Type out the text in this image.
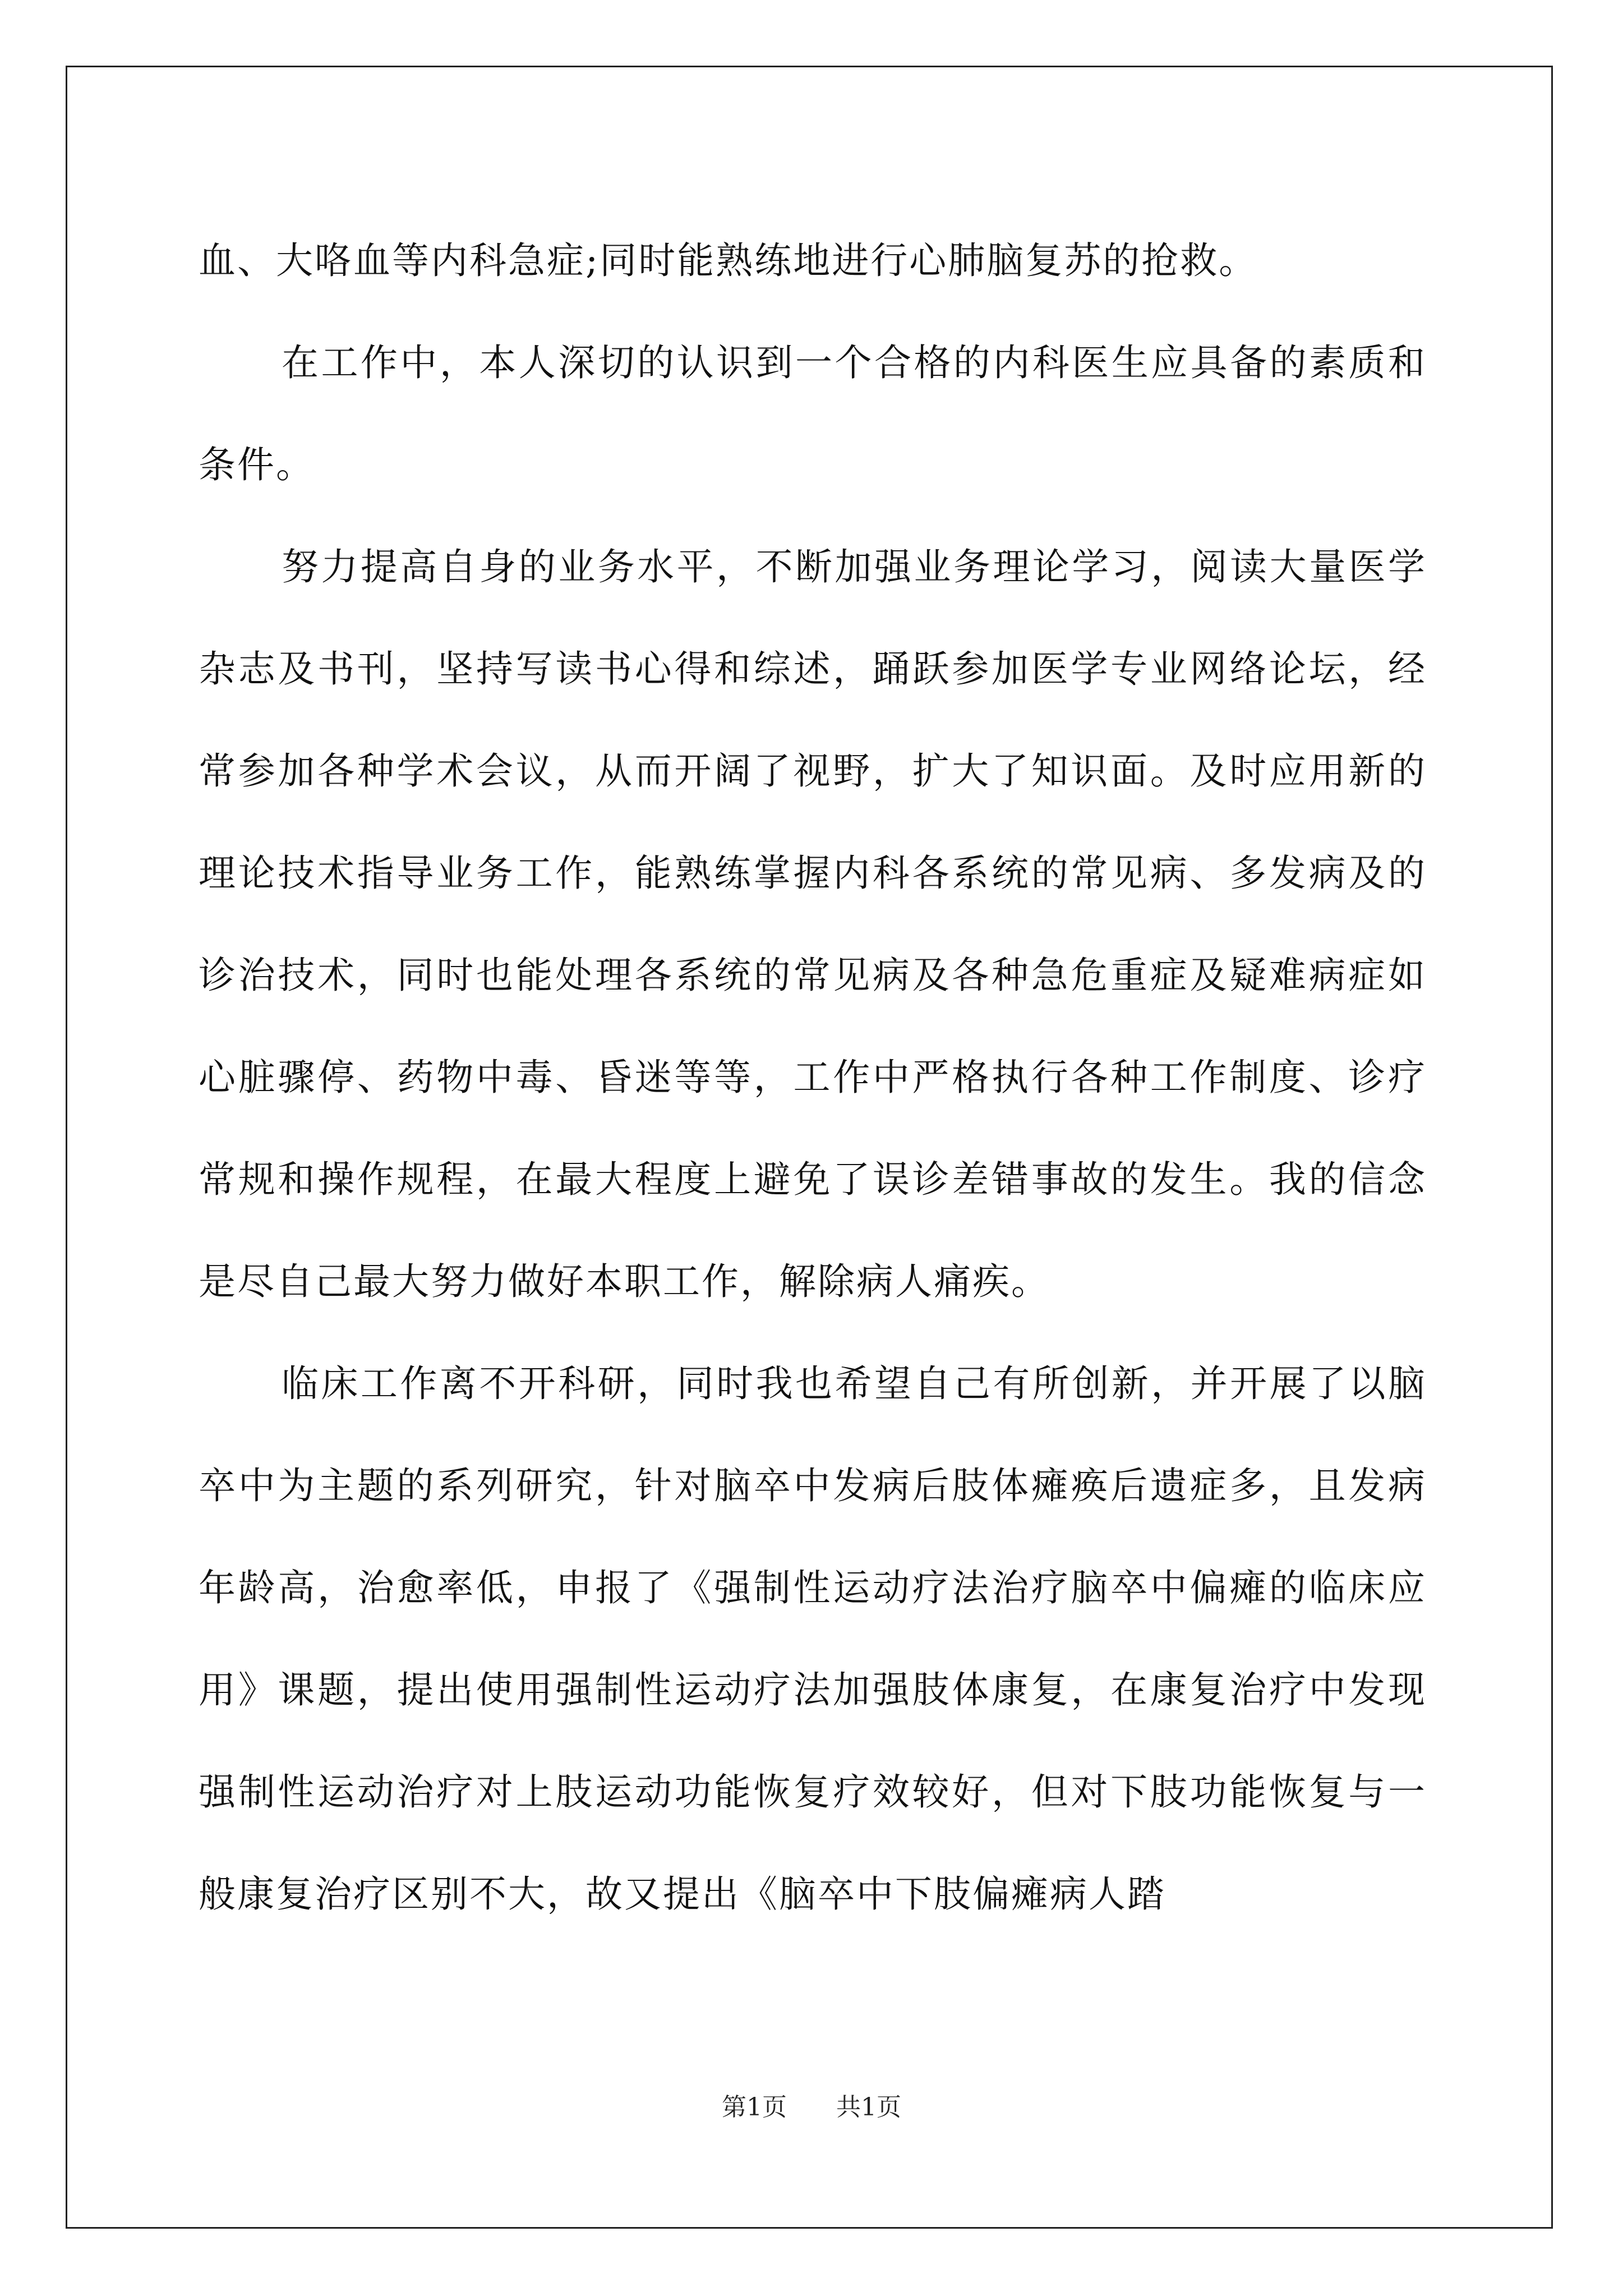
血、大咯血等内科急症;同时能熟练地进行心肺脑复苏的抢救。

在工作中，本人深切的认识到一个合格的内科医生应具备的素质和条件。

努力提高自身的业务水平，不断加强业务理论学习，阅读大量医学杂志及书刊，坚持写读书心得和综述，踊跃参加医学专业网络论坛，经常参加各种学术会议，从而开阔了视野，扩大了知识面。及时应用新的理论技术指导业务工作，能熟练掌握内科各系统的常见病、多发病及的诊治技术，同时也能处理各系统的常见病及各种急危重症及疑难病症如心脏骤停、药物中毒、昏迷等等，工作中严格执行各种工作制度、诊疗常规和操作规程，在最大程度上避免了误诊差错事故的发生。我的信念是尽自己最大努力做好本职工作，解除病人痛疾。

临床工作离不开科研，同时我也希望自己有所创新，并开展了以脑卒中为主题的系列研究，针对脑卒中发病后肢体瘫痪后遗症多，且发病年龄高，治愈率低，申报了《强制性运动疗法治疗脑卒中偏瘫的临床应用》课题，提出使用强制性运动疗法加强肢体康复，在康复治疗中发现强制性运动治疗对上肢运动功能恢复疗效较好，但对下肢功能恢复与一般康复治疗区别不大，故又提出《脑卒中下肢偏瘫病人踏

第1页 共1页
